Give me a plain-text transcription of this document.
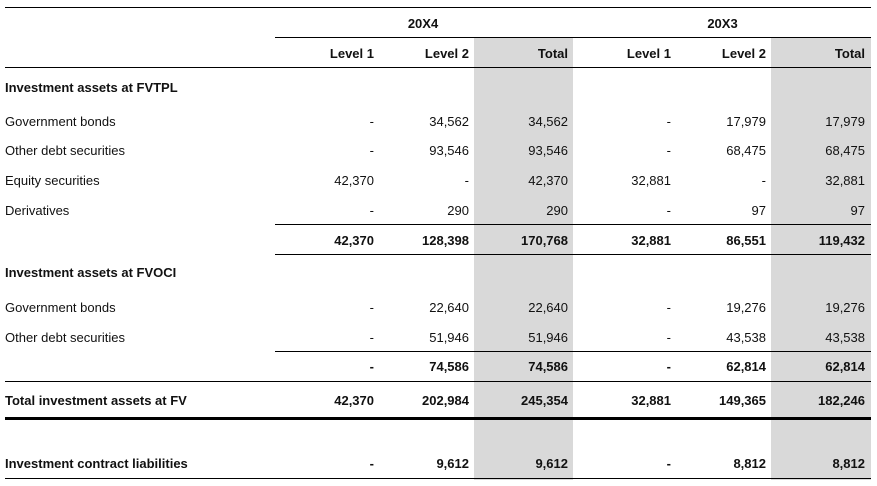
20X4	20X3
Level 1	Level 2	Total	Level 1	Level 2	Total
Investment assets at FVTPL
Government bonds	-	34,562	34,562	-	17,979	17,979
Other debt securities	-	93,546	93,546	-	68,475	68,475
Equity securities	42,370	-	42,370	32,881	-	32,881
Derivatives	-	290	290	-	97	97
42,370	128,398	170,768	32,881	86,551	119,432
Investment assets at FVOCI
Government bonds	-	22,640	22,640	-	19,276	19,276
Other debt securities	-	51,946	51,946	-	43,538	43,538
-	74,586	74,586	-	62,814	62,814
Total investment assets at FV	42,370	202,984	245,354	32,881	149,365	182,246
Investment contract liabilities	-	9,612	9,612	-	8,812	8,812
